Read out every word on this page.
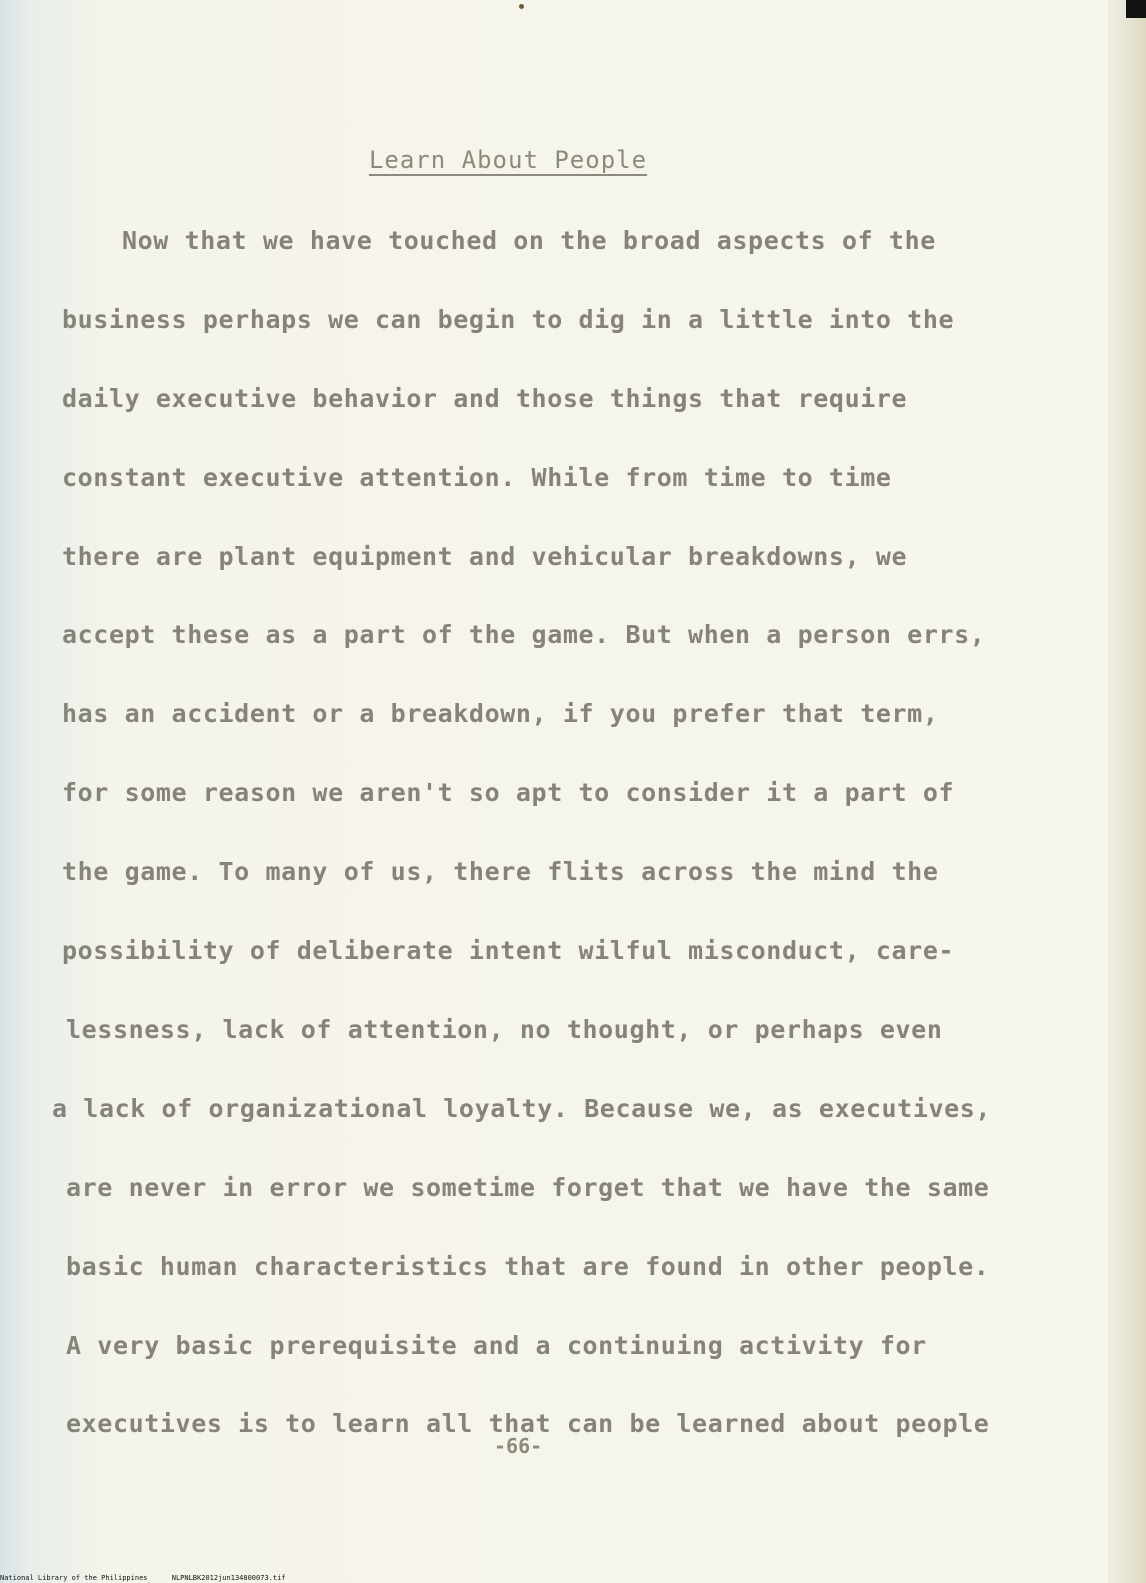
Learn About People
Now that we have touched on the broad aspects of the
business perhaps we can begin to dig in a little into the
daily executive behavior and those things that require
constant executive attention. While from time to time
there are plant equipment and vehicular breakdowns, we
accept these as a part of the game. But when a person errs,
has an accident or a breakdown, if you prefer that term,
for some reason we aren't so apt to consider it a part of
the game. To many of us, there flits across the mind the
possibility of deliberate intent wilful misconduct, care-
lessness, lack of attention, no thought, or perhaps even
a lack of organizational loyalty. Because we, as executives,
are never in error we sometime forget that we have the same
basic human characteristics that are found in other people.
A very basic prerequisite and a continuing activity for
executives is to learn all that can be learned about people
-66-
National Library of the Philippines	NLPNLBK2012jun134800073.tif
